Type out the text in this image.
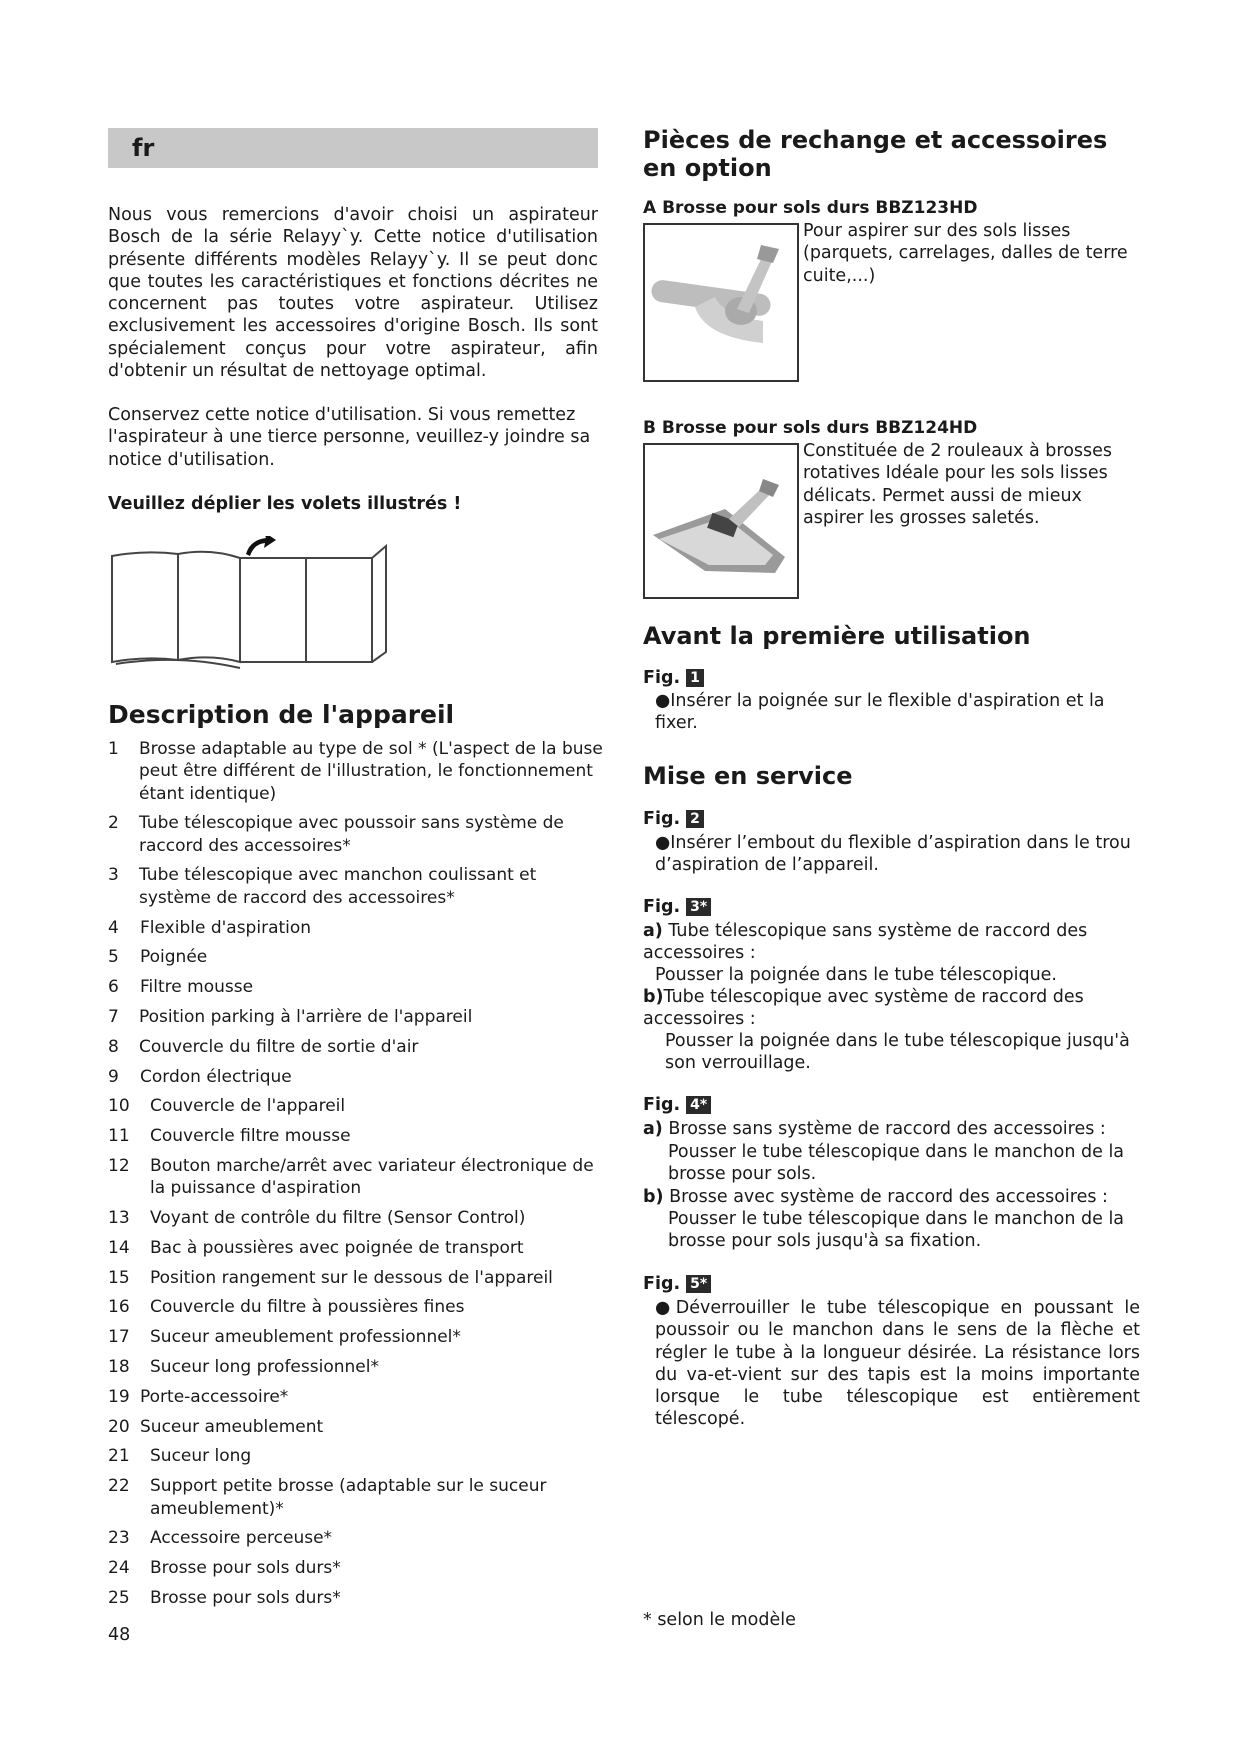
fr

Nous vous remercions d'avoir choisi un aspirateur Bosch de la série Relayy`y. Cette notice d'utilisation présente différents modèles Relayy`y. Il se peut donc que toutes les caractéristiques et fonctions décrites ne concernent pas toutes votre aspirateur. Utilisez exclusivement les accessoires d'origine Bosch. Ils sont spécialement conçus pour votre aspirateur, afin d'obtenir un résultat de nettoyage optimal.

Conservez cette notice d'utilisation. Si vous remettez l'aspirateur à une tierce personne, veuillez-y joindre sa notice d'utilisation.

Veuillez déplier les volets illustrés !

Description de l'appareil
1 Brosse adaptable au type de sol * (L'aspect de la buse peut être différent de l'illustration, le fonctionnement étant identique)
2 Tube télescopique avec poussoir sans système de raccord des accessoires*
3 Tube télescopique avec manchon coulissant et système de raccord des accessoires*
4 Flexible d'aspiration
5 Poignée
6 Filtre mousse
7 Position parking à l'arrière de l'appareil
8 Couvercle du filtre de sortie d'air
9 Cordon électrique
10 Couvercle de l'appareil
11 Couvercle filtre mousse
12 Bouton marche/arrêt avec variateur électronique de la puissance d'aspiration
13 Voyant de contrôle du filtre (Sensor Control)
14 Bac à poussières avec poignée de transport
15 Position rangement sur le dessous de l'appareil
16 Couvercle du filtre à poussières fines
17 Suceur ameublement professionnel*
18 Suceur long professionnel*
19 Porte-accessoire*
20 Suceur ameublement
21 Suceur long
22 Support petite brosse (adaptable sur le suceur ameublement)*
23 Accessoire perceuse*
24 Brosse pour sols durs*
25 Brosse pour sols durs*
48
Pièces de rechange et accessoires en option
A Brosse pour sols durs BBZ123HD
Pour aspirer sur des sols lisses (parquets, carrelages, dalles de terre cuite,...)
B Brosse pour sols durs BBZ124HD
Constituée de 2 rouleaux à brosses rotatives Idéale pour les sols lisses délicats. Permet aussi de mieux aspirer les grosses saletés.
Avant la première utilisation
Fig. 1
●Insérer la poignée sur le flexible d'aspiration et la fixer.
Mise en service
Fig. 2
●Insérer l’embout du flexible d’aspiration dans le trou d’aspiration de l’appareil.
Fig. 3*
a) Tube télescopique sans système de raccord des accessoires :
Pousser la poignée dans le tube télescopique.
b)Tube télescopique avec système de raccord des accessoires :
Pousser la poignée dans le tube télescopique jusqu'à son verrouillage.
Fig. 4*
a) Brosse sans système de raccord des accessoires :
Pousser le tube télescopique dans le manchon de la brosse pour sols.
b) Brosse avec système de raccord des accessoires :
Pousser le tube télescopique dans le manchon de la brosse pour sols jusqu'à sa fixation.
Fig. 5*
●Déverrouiller le tube télescopique en poussant le poussoir ou le manchon dans le sens de la flèche et régler le tube à la longueur désirée. La résistance lors du va-et-vient sur des tapis est la moins importante lorsque le tube télescopique est entièrement télescopé.
* selon le modèle
